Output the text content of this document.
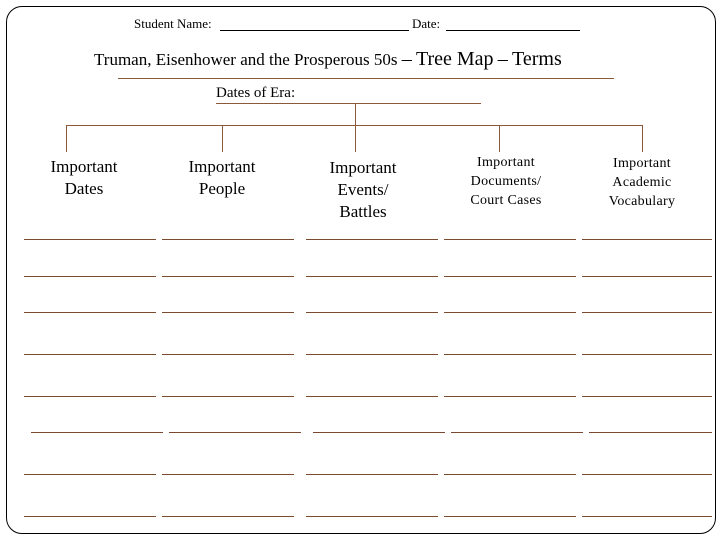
Student Name:	Date:
Truman, Eisenhower and the Prosperous 50s – Tree Map – Terms
Dates of Era:
Important
Dates
Important
People
Important
Events/
Battles
Important
Documents/
Court Cases
Important
Academic
Vocabulary
